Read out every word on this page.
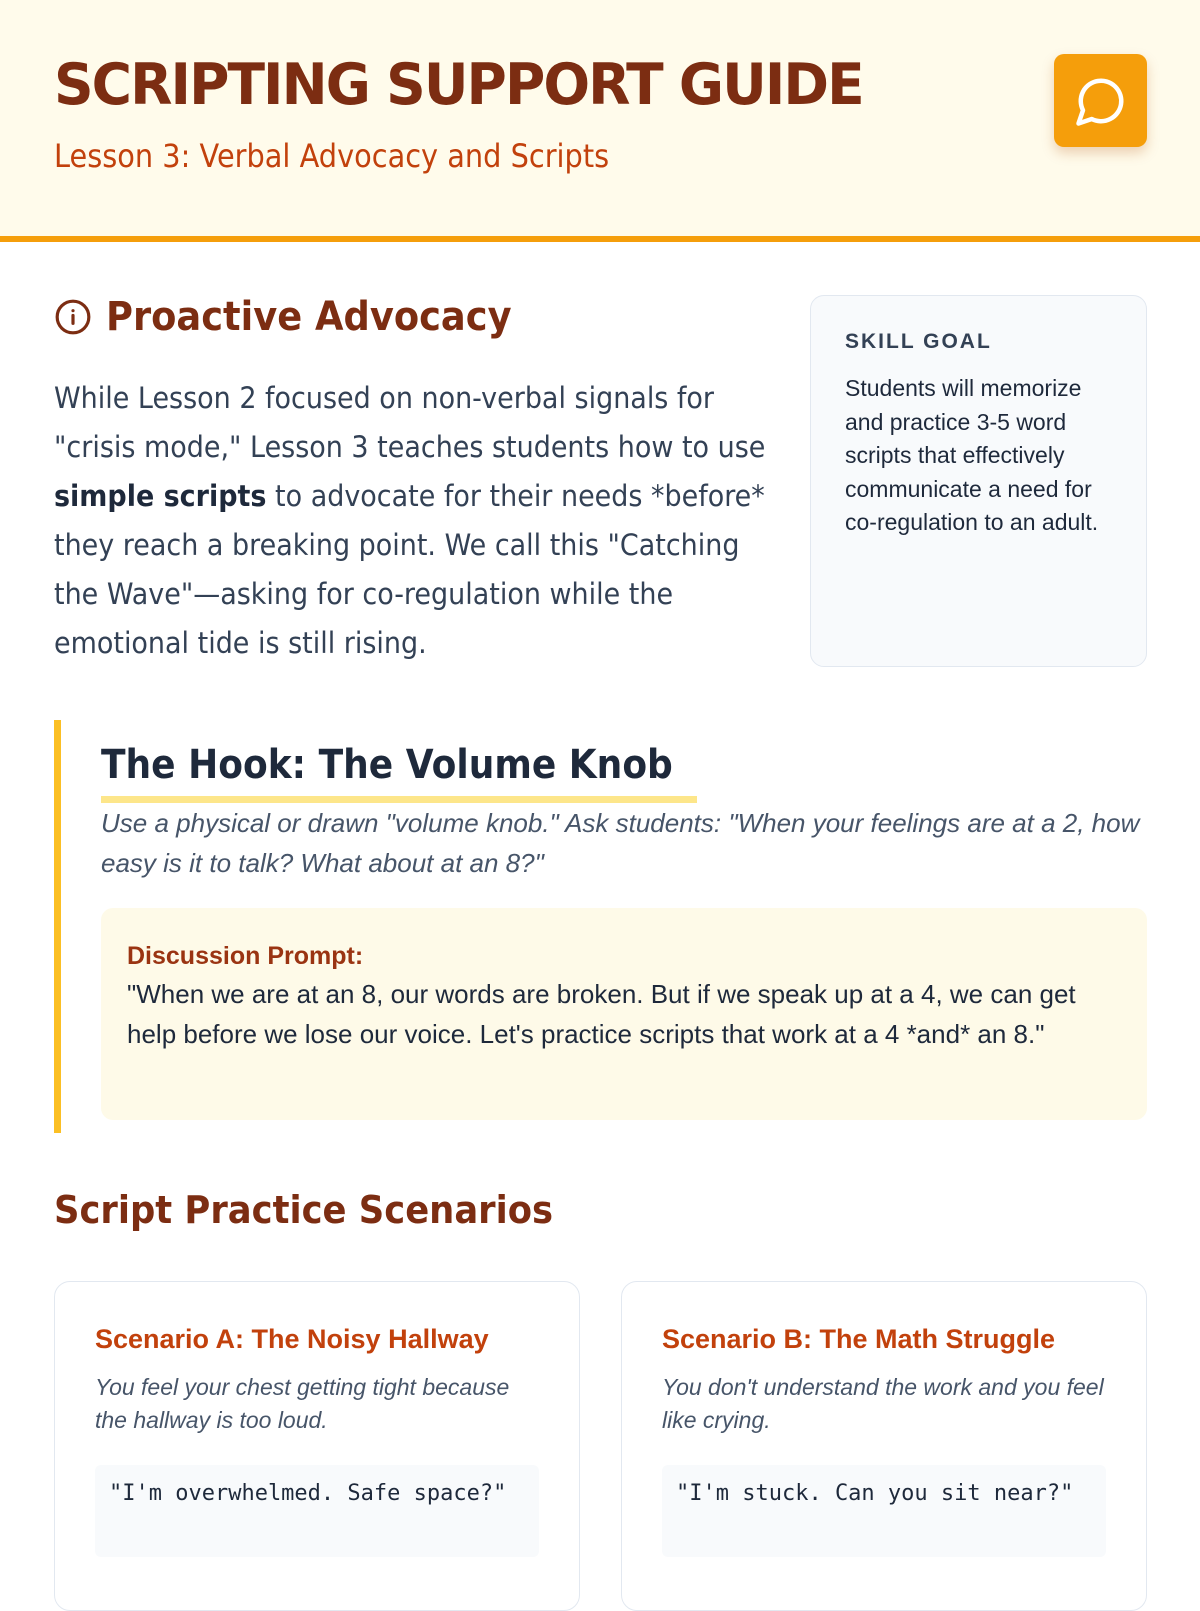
SCRIPTING SUPPORT GUIDE
Lesson 3: Verbal Advocacy and Scripts
Proactive Advocacy
While Lesson 2 focused on non-verbal signals for "crisis mode," Lesson 3 teaches students how to use simple scripts to advocate for their needs *before* they reach a breaking point. We call this "Catching the Wave"—asking for co-regulation while the emotional tide is still rising.
SKILL GOAL
Students will memorize and practice 3-5 word scripts that effectively communicate a need for co-regulation to an adult.
The Hook: The Volume Knob
Use a physical or drawn "volume knob." Ask students: "When your feelings are at a 2, how easy is it to talk? What about at an 8?"
Discussion Prompt:
"When we are at an 8, our words are broken. But if we speak up at a 4, we can get help before we lose our voice. Let's practice scripts that work at a 4 *and* an 8."
Script Practice Scenarios
Scenario A: The Noisy Hallway
You feel your chest getting tight because the hallway is too loud.
"I'm overwhelmed. Safe space?"
Scenario B: The Math Struggle
You don't understand the work and you feel like crying.
"I'm stuck. Can you sit near?"
